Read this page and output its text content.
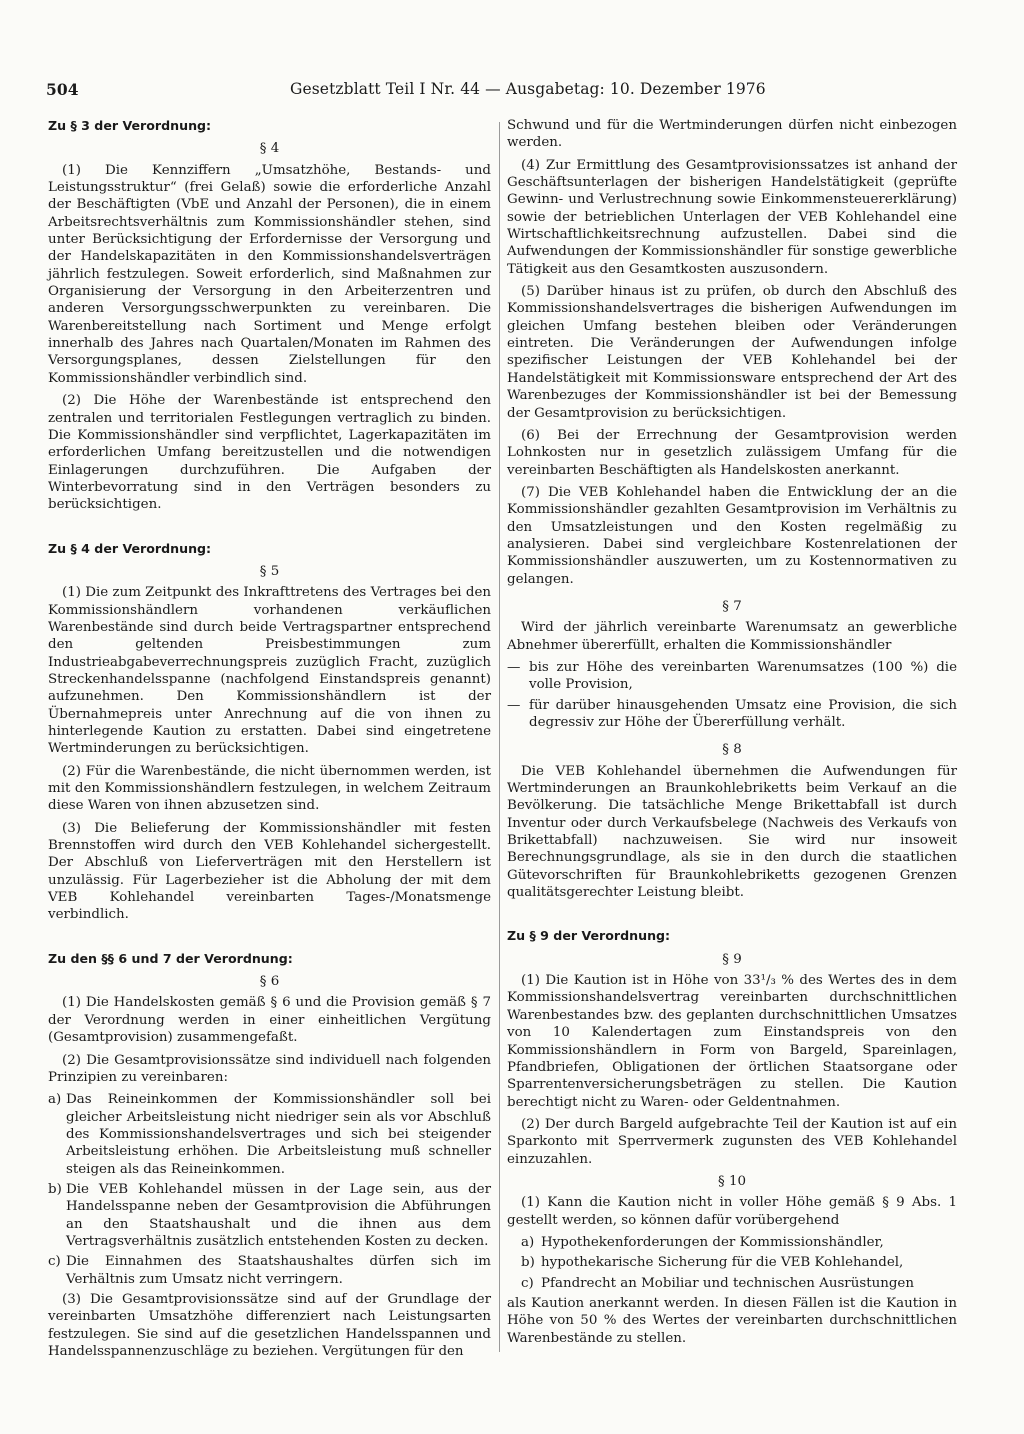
504	Gesetzblatt Teil I Nr. 44 — Ausgabetag: 10. Dezember 1976
Zu § 3 der Verordnung:
§ 4

(1) Die Kennziffern „Umsatzhöhe, Bestands- und Leistungsstruktur“ (frei Gelaß) sowie die erforderliche Anzahl der Beschäftigten (VbE und Anzahl der Personen), die in einem Arbeitsrechtsverhältnis zum Kommissionshändler stehen, sind unter Berücksichtigung der Erfordernisse der Versorgung und der Handelskapazitäten in den Kommissionshandelsverträgen jährlich festzulegen. Soweit erforderlich, sind Maßnahmen zur Organisierung der Versorgung in den Arbeiterzentren und anderen Versorgungsschwerpunkten zu vereinbaren. Die Warenbereitstellung nach Sortiment und Menge erfolgt innerhalb des Jahres nach Quartalen/Monaten im Rahmen des Versorgungsplanes, dessen Zielstellungen für den Kommissionshändler verbindlich sind.

(2) Die Höhe der Warenbestände ist entsprechend den zentralen und territorialen Festlegungen vertraglich zu binden. Die Kommissionshändler sind verpflichtet, Lagerkapazitäten im erforderlichen Umfang bereitzustellen und die notwendigen Einlagerungen durchzuführen. Die Aufgaben der Winterbevorratung sind in den Verträgen besonders zu berücksichtigen.

Zu § 4 der Verordnung:
§ 5

(1) Die zum Zeitpunkt des Inkrafttretens des Vertrages bei den Kommissionshändlern vorhandenen verkäuflichen Warenbestände sind durch beide Vertragspartner entsprechend den geltenden Preisbestimmungen zum Industrieabgabeverrechnungspreis zuzüglich Fracht, zuzüglich Streckenhandelsspanne (nachfolgend Einstandspreis genannt) aufzunehmen. Den Kommissionshändlern ist der Übernahmepreis unter Anrechnung auf die von ihnen zu hinterlegende Kaution zu erstatten. Dabei sind eingetretene Wertminderungen zu berücksichtigen.

(2) Für die Warenbestände, die nicht übernommen werden, ist mit den Kommissionshändlern festzulegen, in welchem Zeitraum diese Waren von ihnen abzusetzen sind.

(3) Die Belieferung der Kommissionshändler mit festen Brennstoffen wird durch den VEB Kohlehandel sichergestellt. Der Abschluß von Lieferverträgen mit den Herstellern ist unzulässig. Für Lagerbezieher ist die Abholung der mit dem VEB Kohlehandel vereinbarten Tages-/Monatsmenge verbindlich.

Zu den §§ 6 und 7 der Verordnung:
§ 6

(1) Die Handelskosten gemäß § 6 und die Provision gemäß § 7 der Verordnung werden in einer einheitlichen Vergütung (Gesamtprovision) zusammengefaßt.

(2) Die Gesamtprovisionssätze sind individuell nach folgenden Prinzipien zu vereinbaren:

a) Das Reineinkommen der Kommissionshändler soll bei gleicher Arbeitsleistung nicht niedriger sein als vor Abschluß des Kommissionshandelsvertrages und sich bei steigender Arbeitsleistung erhöhen. Die Arbeitsleistung muß schneller steigen als das Reineinkommen.
b) Die VEB Kohlehandel müssen in der Lage sein, aus der Handelsspanne neben der Gesamtprovision die Abführungen an den Staatshaushalt und die ihnen aus dem Vertragsverhältnis zusätzlich entstehenden Kosten zu decken.
c) Die Einnahmen des Staatshaushaltes dürfen sich im Verhältnis zum Umsatz nicht verringern.

(3) Die Gesamtprovisionssätze sind auf der Grundlage der vereinbarten Umsatzhöhe differenziert nach Leistungsarten festzulegen. Sie sind auf die gesetzlichen Handelsspannen und Handelsspannenzuschläge zu beziehen. Vergütungen für den

Schwund und für die Wertminderungen dürfen nicht einbezogen werden.

(4) Zur Ermittlung des Gesamtprovisionssatzes ist anhand der Geschäftsunterlagen der bisherigen Handelstätigkeit (geprüfte Gewinn- und Verlustrechnung sowie Einkommensteuererklärung) sowie der betrieblichen Unterlagen der VEB Kohlehandel eine Wirtschaftlichkeitsrechnung aufzustellen. Dabei sind die Aufwendungen der Kommissionshändler für sonstige gewerbliche Tätigkeit aus den Gesamtkosten auszusondern.

(5) Darüber hinaus ist zu prüfen, ob durch den Abschluß des Kommissionshandelsvertrages die bisherigen Aufwendungen im gleichen Umfang bestehen bleiben oder Veränderungen eintreten. Die Veränderungen der Aufwendungen infolge spezifischer Leistungen der VEB Kohlehandel bei der Handelstätigkeit mit Kommissionsware entsprechend der Art des Warenbezuges der Kommissionshändler ist bei der Bemessung der Gesamtprovision zu berücksichtigen.

(6) Bei der Errechnung der Gesamtprovision werden Lohnkosten nur in gesetzlich zulässigem Umfang für die vereinbarten Beschäftigten als Handelskosten anerkannt.

(7) Die VEB Kohlehandel haben die Entwicklung der an die Kommissionshändler gezahlten Gesamtprovision im Verhältnis zu den Umsatzleistungen und den Kosten regelmäßig zu analysieren. Dabei sind vergleichbare Kostenrelationen der Kommissionshändler auszuwerten, um zu Kostennormativen zu gelangen.

§ 7

Wird der jährlich vereinbarte Warenumsatz an gewerbliche Abnehmer übererfüllt, erhalten die Kommissionshändler

— bis zur Höhe des vereinbarten Warenumsatzes (100 %) die volle Provision,
— für darüber hinausgehenden Umsatz eine Provision, die sich degressiv zur Höhe der Übererfüllung verhält.
§ 8

Die VEB Kohlehandel übernehmen die Aufwendungen für Wertminderungen an Braunkohlebriketts beim Verkauf an die Bevölkerung. Die tatsächliche Menge Brikettabfall ist durch Inventur oder durch Verkaufsbelege (Nachweis des Verkaufs von Brikettabfall) nachzuweisen. Sie wird nur insoweit Berechnungsgrundlage, als sie in den durch die staatlichen Gütevorschriften für Braunkohlebriketts gezogenen Grenzen qualitätsgerechter Leistung bleibt.

Zu § 9 der Verordnung:
§ 9

(1) Die Kaution ist in Höhe von 33¹/₃ % des Wertes des in dem Kommissionshandelsvertrag vereinbarten durchschnittlichen Warenbestandes bzw. des geplanten durchschnittlichen Umsatzes von 10 Kalendertagen zum Einstandspreis von den Kommissionshändlern in Form von Bargeld, Spareinlagen, Pfandbriefen, Obligationen der örtlichen Staatsorgane oder Sparrentenversicherungsbeträgen zu stellen. Die Kaution berechtigt nicht zu Waren- oder Geldentnahmen.

(2) Der durch Bargeld aufgebrachte Teil der Kaution ist auf ein Sparkonto mit Sperrvermerk zugunsten des VEB Kohlehandel einzuzahlen.

§ 10

(1) Kann die Kaution nicht in voller Höhe gemäß § 9 Abs. 1 gestellt werden, so können dafür vorübergehend

a) Hypothekenforderungen der Kommissionshändler,
b) hypothekarische Sicherung für die VEB Kohlehandel,
c) Pfandrecht an Mobiliar und technischen Ausrüstungen

als Kaution anerkannt werden. In diesen Fällen ist die Kaution in Höhe von 50 % des Wertes der vereinbarten durchschnittlichen Warenbestände zu stellen.
